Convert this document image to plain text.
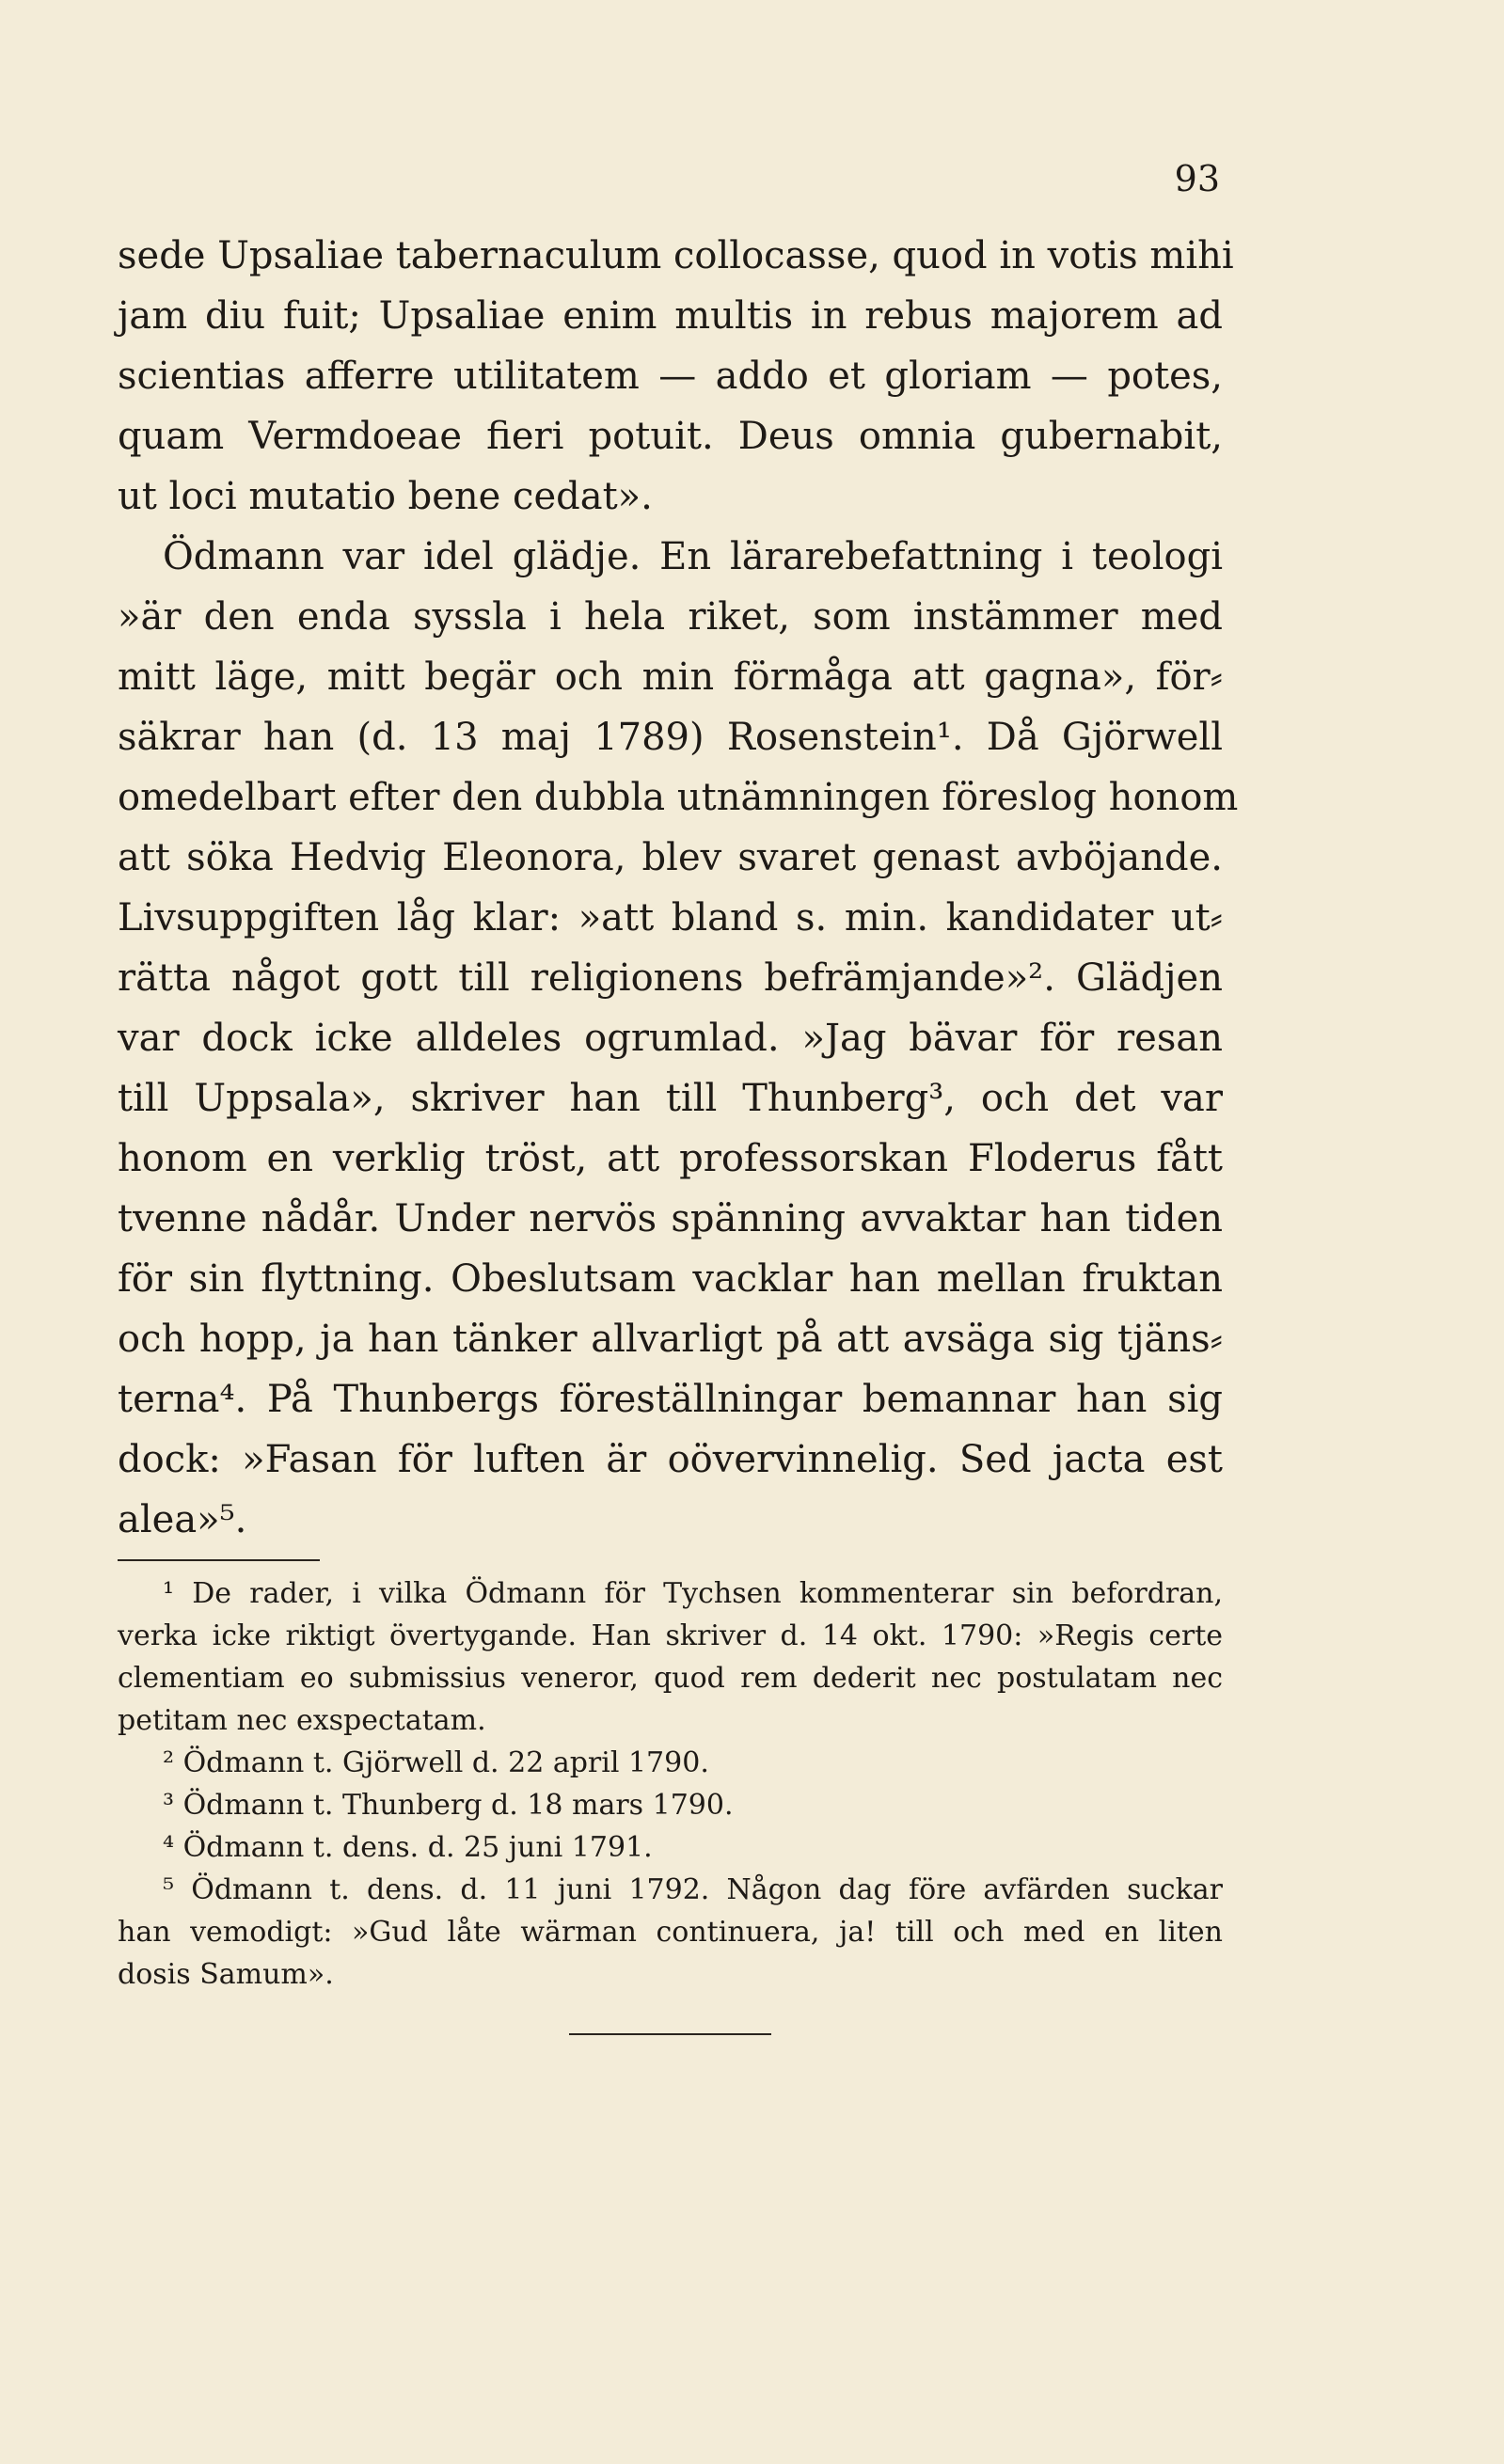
93
sede Upsaliae tabernaculum collocasse, quod in votis mihi
jam diu fuit; Upsaliae enim multis in rebus majorem ad
scientias afferre utilitatem — addo et gloriam — potes,
quam Vermdoeae fieri potuit. Deus omnia gubernabit,
ut loci mutatio bene cedat».
Ödmann var idel glädje. En lärarebefattning i teologi
»är den enda syssla i hela riket, som instämmer med
mitt läge, mitt begär och min förmåga att gagna», för⸗
säkrar han (d. 13 maj 1789) Rosenstein¹. Då Gjörwell
omedelbart efter den dubbla utnämningen föreslog honom
att söka Hedvig Eleonora, blev svaret genast avböjande.
Livsuppgiften låg klar: »att bland s. min. kandidater ut⸗
rätta något gott till religionens befrämjande»². Glädjen
var dock icke alldeles ogrumlad. »Jag bävar för resan
till Uppsala», skriver han till Thunberg³, och det var
honom en verklig tröst, att professorskan Floderus fått
tvenne nådår. Under nervös spänning avvaktar han tiden
för sin flyttning. Obeslutsam vacklar han mellan fruktan
och hopp, ja han tänker allvarligt på att avsäga sig tjäns⸗
terna⁴. På Thunbergs föreställningar bemannar han sig
dock: »Fasan för luften är oövervinnelig. Sed jacta est
alea»⁵.
¹ De rader, i vilka Ödmann för Tychsen kommenterar sin befordran,
verka icke riktigt övertygande. Han skriver d. 14 okt. 1790: »Regis certe
clementiam eo submissius veneror, quod rem dederit nec postulatam nec
petitam nec exspectatam.
² Ödmann t. Gjörwell d. 22 april 1790.
³ Ödmann t. Thunberg d. 18 mars 1790.
⁴ Ödmann t. dens. d. 25 juni 1791.
⁵ Ödmann t. dens. d. 11 juni 1792. Någon dag före avfärden suckar
han vemodigt: »Gud låte wärman continuera, ja! till och med en liten
dosis Samum».
